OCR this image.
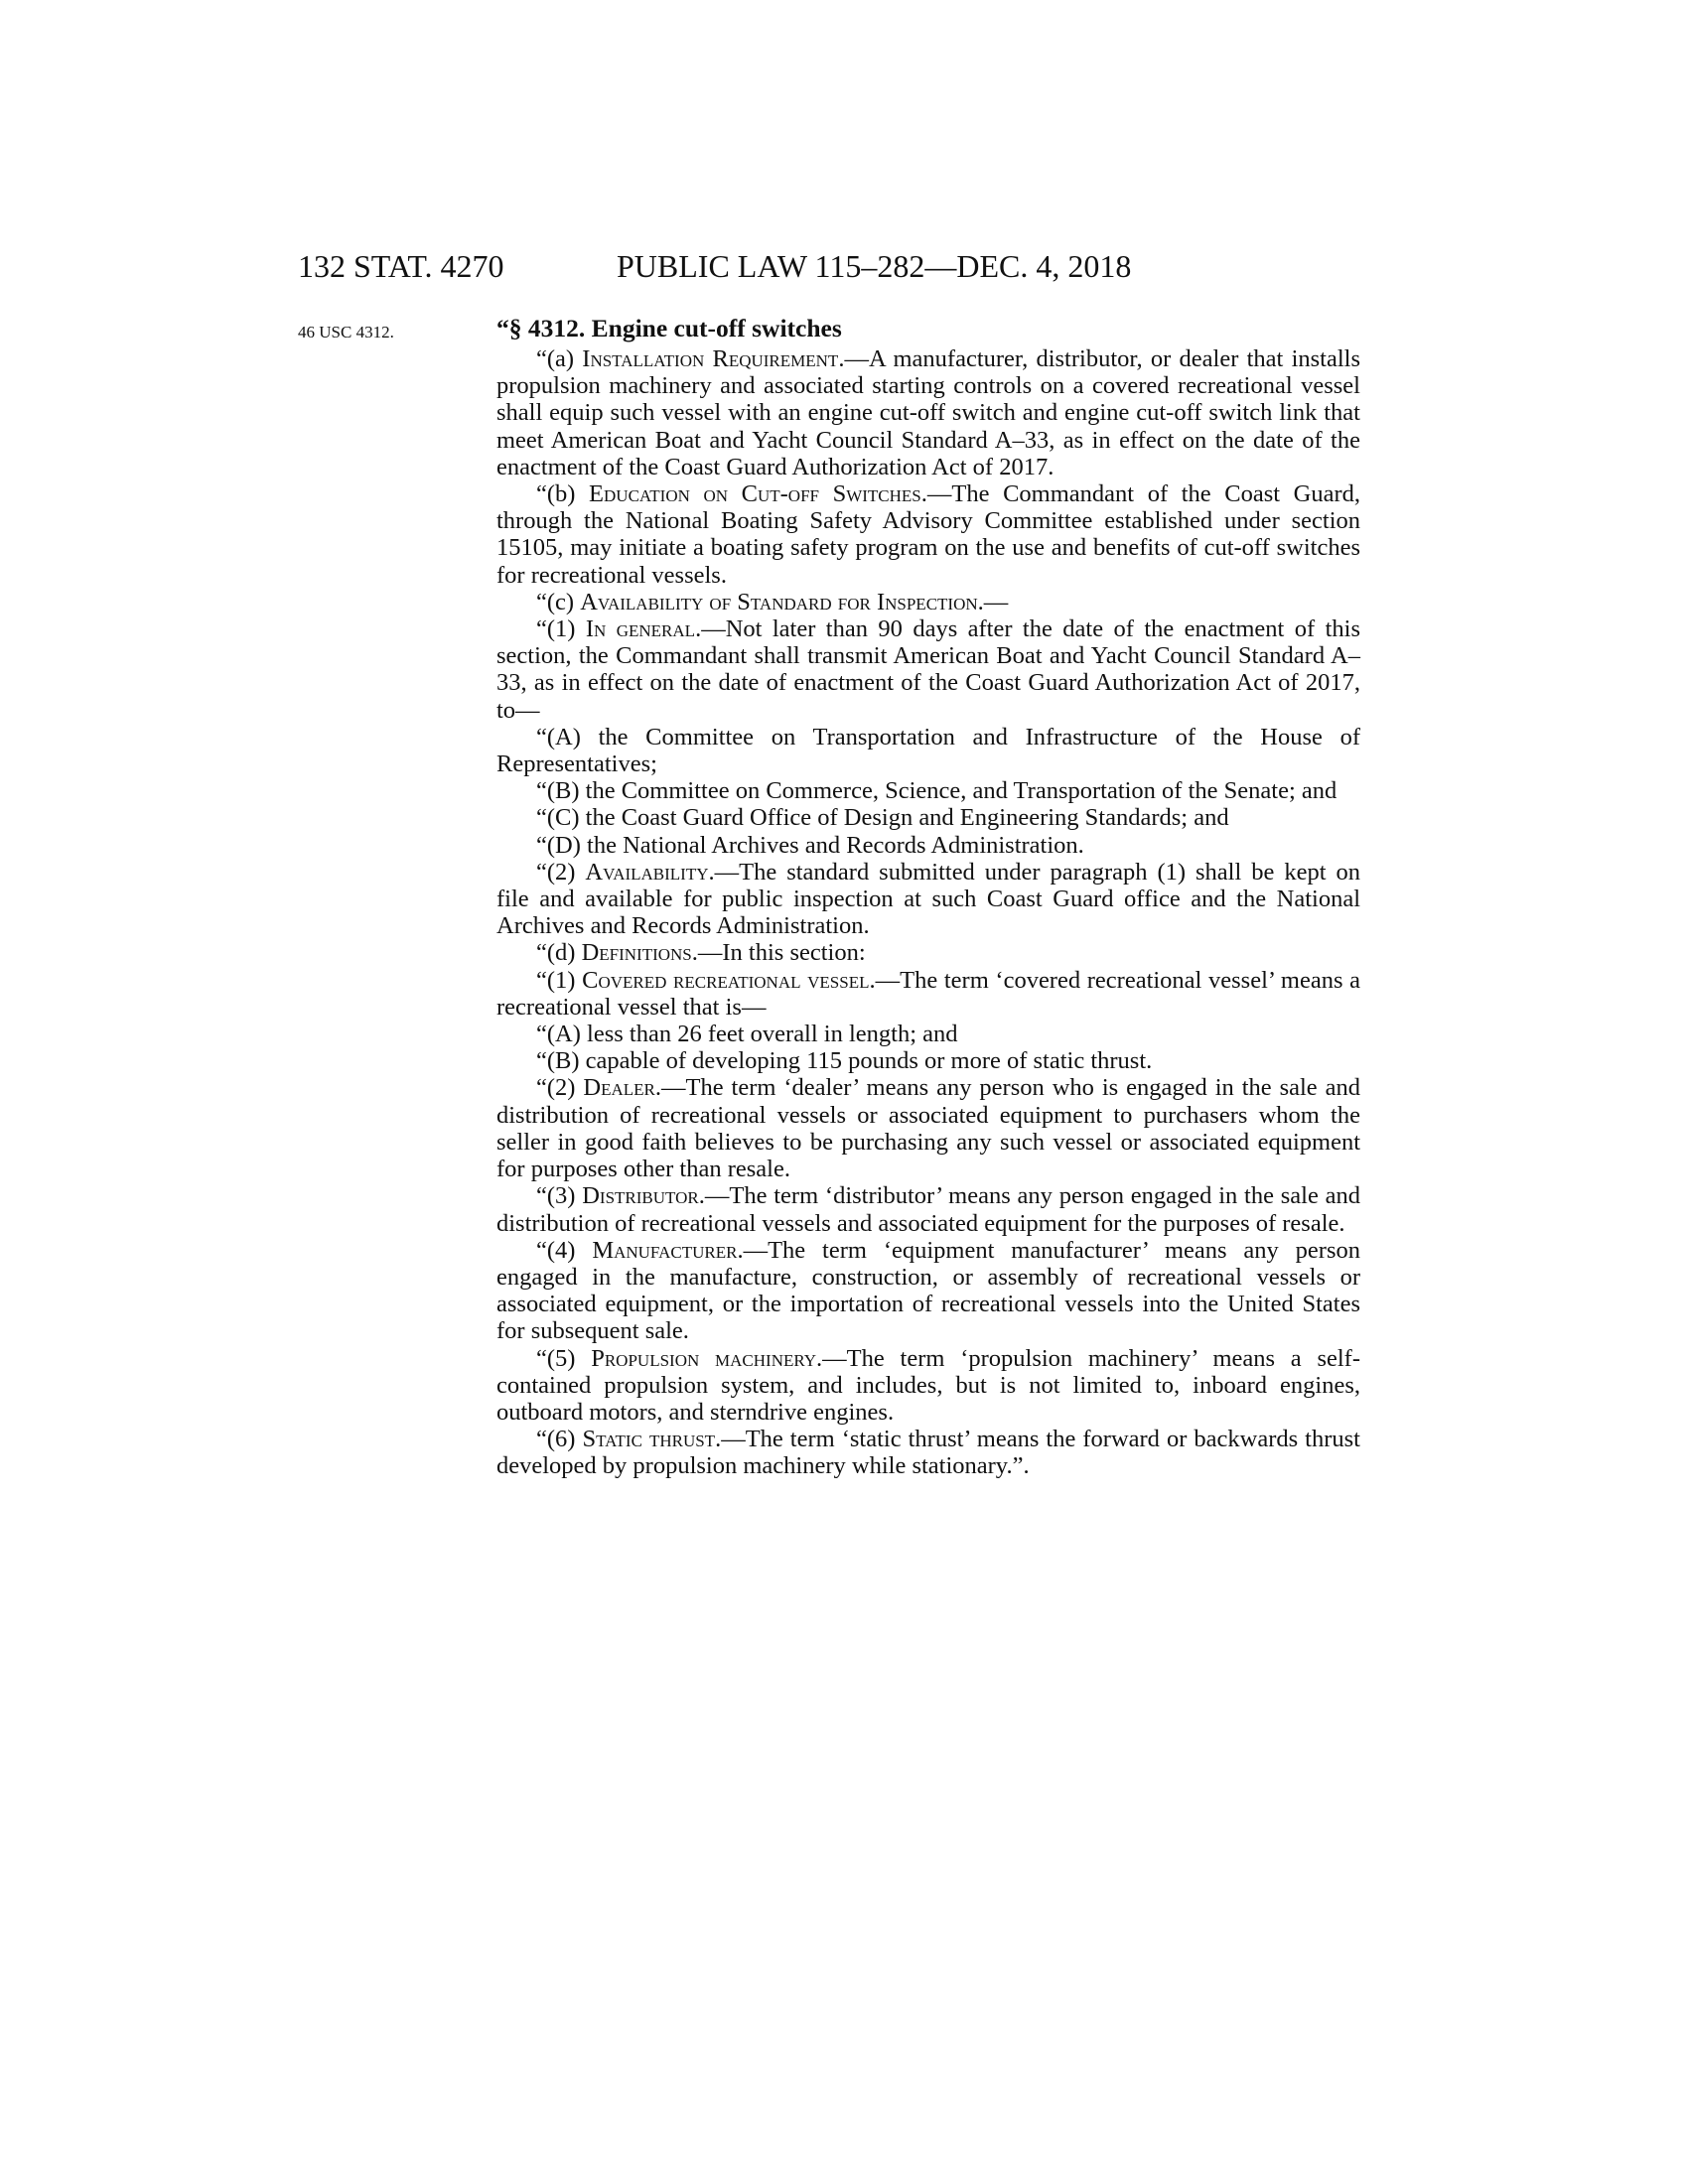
132 STAT. 4270	PUBLIC LAW 115–282—DEC. 4, 2018
46 USC 4312.	“§ 4312. Engine cut-off switches

“(a) Installation Requirement.—A manufacturer, distributor, or dealer that installs propulsion machinery and associated starting controls on a covered recreational vessel shall equip such vessel with an engine cut-off switch and engine cut-off switch link that meet American Boat and Yacht Council Standard A–33, as in effect on the date of the enactment of the Coast Guard Authorization Act of 2017.

“(b) Education on Cut-off Switches.—The Commandant of the Coast Guard, through the National Boating Safety Advisory Committee established under section 15105, may initiate a boating safety program on the use and benefits of cut-off switches for recreational vessels.

“(c) Availability of Standard for Inspection.—

“(1) In general.—Not later than 90 days after the date of the enactment of this section, the Commandant shall transmit American Boat and Yacht Council Standard A–33, as in effect on the date of enactment of the Coast Guard Authorization Act of 2017, to—

“(A) the Committee on Transportation and Infrastructure of the House of Representatives;

“(B) the Committee on Commerce, Science, and Transportation of the Senate; and

“(C) the Coast Guard Office of Design and Engineering Standards; and

“(D) the National Archives and Records Administration.

“(2) Availability.—The standard submitted under paragraph (1) shall be kept on file and available for public inspection at such Coast Guard office and the National Archives and Records Administration.

“(d) Definitions.—In this section:

“(1) Covered recreational vessel.—The term ‘covered recreational vessel’ means a recreational vessel that is—

“(A) less than 26 feet overall in length; and

“(B) capable of developing 115 pounds or more of static thrust.

“(2) Dealer.—The term ‘dealer’ means any person who is engaged in the sale and distribution of recreational vessels or associated equipment to purchasers whom the seller in good faith believes to be purchasing any such vessel or associated equipment for purposes other than resale.

“(3) Distributor.—The term ‘distributor’ means any person engaged in the sale and distribution of recreational vessels and associated equipment for the purposes of resale.

“(4) Manufacturer.—The term ‘equipment manufacturer’ means any person engaged in the manufacture, construction, or assembly of recreational vessels or associated equipment, or the importation of recreational vessels into the United States for subsequent sale.

“(5) Propulsion machinery.—The term ‘propulsion machinery’ means a self-contained propulsion system, and includes, but is not limited to, inboard engines, outboard motors, and sterndrive engines.

“(6) Static thrust.—The term ‘static thrust’ means the forward or backwards thrust developed by propulsion machinery while stationary.”.
